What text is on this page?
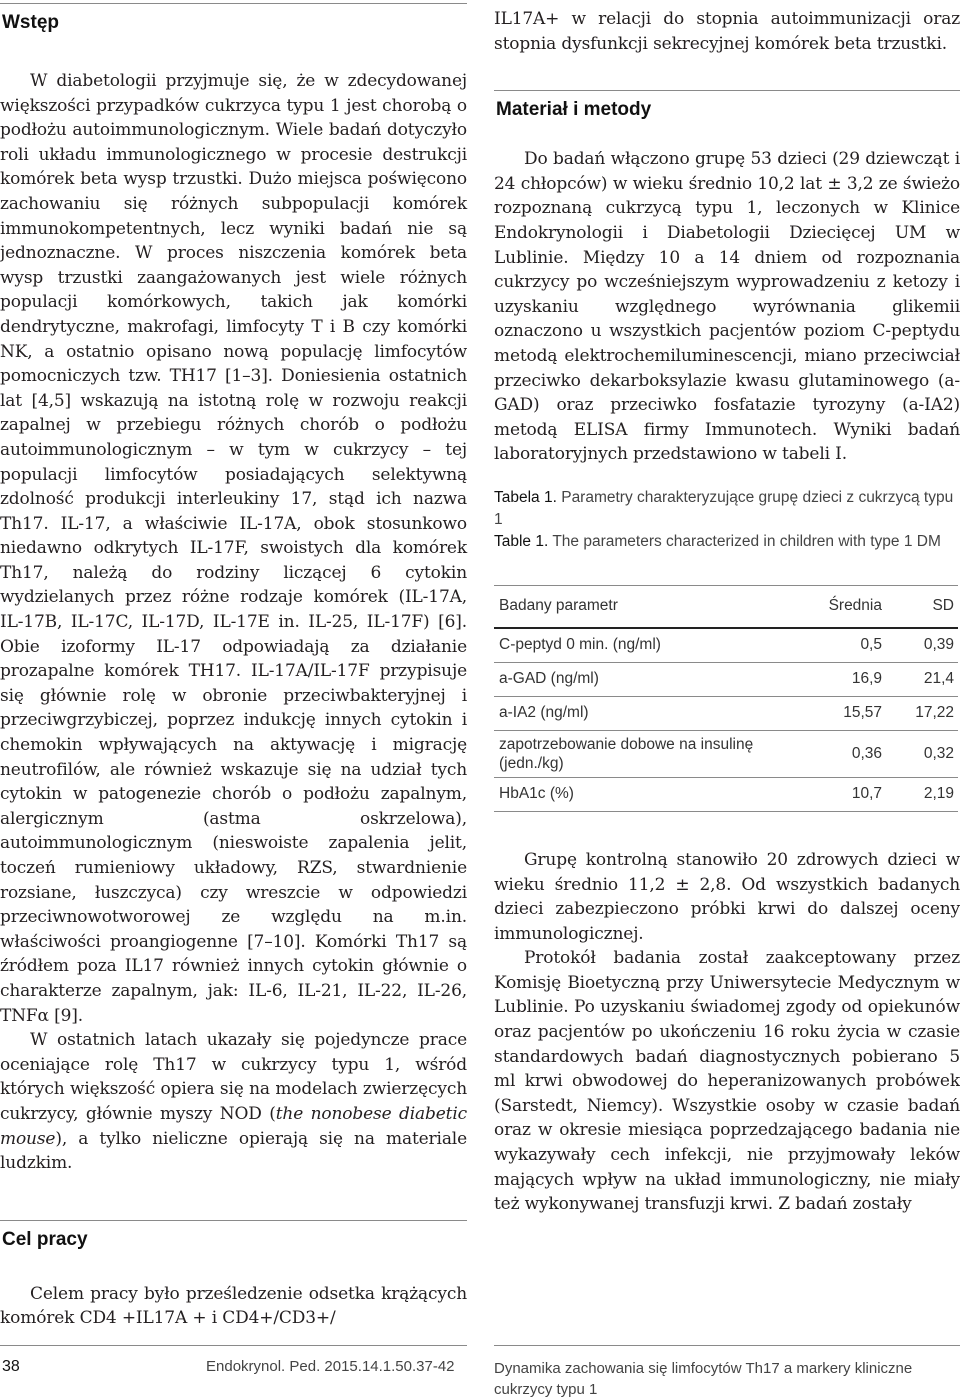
Wstęp

W diabetologii przyjmuje się, że w zdecydowanej większości przypadków cukrzyca typu 1 jest chorobą o podłożu autoimmunologicznym. Wiele badań dotyczyło roli układu immunologicznego w procesie destrukcji komórek beta wysp trzustki. Dużo miejsca poświęcono zachowaniu się różnych subpopulacji komórek immunokompetentnych, lecz wyniki badań nie są jednoznaczne. W proces niszczenia komórek beta wysp trzustki zaangażowanych jest wiele różnych populacji komórkowych, takich jak komórki dendrytyczne, makrofagi, limfocyty T i B czy komórki NK, a ostatnio opisano nową populację limfocytów pomocniczych tzw. TH17 [1–3]. Doniesienia ostatnich lat [4,5] wskazują na istotną rolę w rozwoju reakcji zapalnej w przebiegu różnych chorób o podłożu autoimmunologicznym – w tym w cukrzycy – tej populacji limfocytów posiadających selektywną zdolność produkcji interleukiny 17, stąd ich nazwa Th17. IL-17, a właściwie IL-17A, obok stosunkowo niedawno odkrytych IL-17F, swoistych dla komórek Th17, należą do rodziny liczącej 6 cytokin wydzielanych przez różne rodzaje komórek (IL-17A, IL-17B, IL-17C, IL-17D, IL-17E in. IL-25, IL-17F) [6]. Obie izoformy IL-17 odpowiadają za działanie prozapalne komórek TH17. IL-17A/IL-17F przypisuje się głównie rolę w obronie przeciwbakteryjnej i przeciwgrzybiczej, poprzez indukcję innych cytokin i chemokin wpływających na aktywację i migrację neutrofilów, ale również wskazuje się na udział tych cytokin w patogenezie chorób o podłożu zapalnym, alergicznym (astma oskrzelowa), autoimmunologicznym (nieswoiste zapalenia jelit, toczeń rumieniowy układowy, RZS, stwardnienie rozsiane, łuszczyca) czy wreszcie w odpowiedzi przeciwnowotworowej ze względu na m.in. właściwości proangiogenne [7–10]. Komórki Th17 są źródłem poza IL17 również innych cytokin głównie o charakterze zapalnym, jak: IL-6, IL-21, IL-22, IL-26, TNFα [9].

W ostatnich latach ukazały się pojedyncze prace oceniające rolę Th17 w cukrzycy typu 1, wśród których większość opiera się na modelach zwierzęcych cukrzycy, głównie myszy NOD (the nonobese diabetic mouse), a tylko nieliczne opierają się na materiale ludzkim.

Cel pracy

Celem pracy było prześledzenie odsetka krążących komórek CD4 +IL17A + i CD4+/CD3+/

IL17A+ w relacji do stopnia autoimmunizacji oraz stopnia dysfunkcji sekrecyjnej komórek beta trzustki.

Materiał i metody

Do badań włączono grupę 53 dzieci (29 dziewcząt i 24 chłopców) w wieku średnio 10,2 lat ± 3,2 ze świeżo rozpoznaną cukrzycą typu 1, leczonych w Klinice Endokrynologii i Diabetologii Dziecięcej UM w Lublinie. Między 10 a 14 dniem od rozpoznania cukrzycy po wcześniejszym wyprowadzeniu z ketozy i uzyskaniu względnego wyrównania glikemii oznaczono u wszystkich pacjentów poziom C-peptydu metodą elektrochemiluminescencji, miano przeciwciał przeciwko dekarboksylazie kwasu glutaminowego (a-GAD) oraz przeciwko fosfatazie tyrozyny (a-IA2) metodą ELISA firmy Immunotech. Wyniki badań laboratoryjnych przedstawiono w tabeli I.

Tabela 1. Parametry charakteryzujące grupę dzieci z cukrzycą typu 1

Table 1. The parameters characterized in children with type 1 DM

Badany parametr	Średnia	SD
C-peptyd 0 min. (ng/ml)	0,5	0,39
a-GAD (ng/ml)	16,9	21,4
a-IA2 (ng/ml)	15,57	17,22
zapotrzebowanie dobowe na insulinę (jedn./kg)	0,36	0,32
HbA1c (%)	10,7	2,19

Grupę kontrolną stanowiło 20 zdrowych dzieci w wieku średnio 11,2 ± 2,8. Od wszystkich badanych dzieci zabezpieczono próbki krwi do dalszej oceny immunologicznej.

Protokół badania został zaakceptowany przez Komisję Bioetyczną przy Uniwersytecie Medycznym w Lublinie. Po uzyskaniu świadomej zgody od opiekunów oraz pacjentów po ukończeniu 16 roku życia w czasie standardowych badań diagnostycznych pobierano 5 ml krwi obwodowej do heperanizowanych probówek (Sarstedt, Niemcy). Wszystkie osoby w czasie badań oraz w okresie miesiąca poprzedzającego badania nie wykazywały cech infekcji, nie przyjmowały leków mających wpływ na układ immunologiczny, nie miały też wykonywanej transfuzji krwi. Z badań zostały

38	Endokrynol. Ped. 2015.14.1.50.37-42	Dynamika zachowania się limfocytów Th17 a markery kliniczne cukrzycy typu 1
